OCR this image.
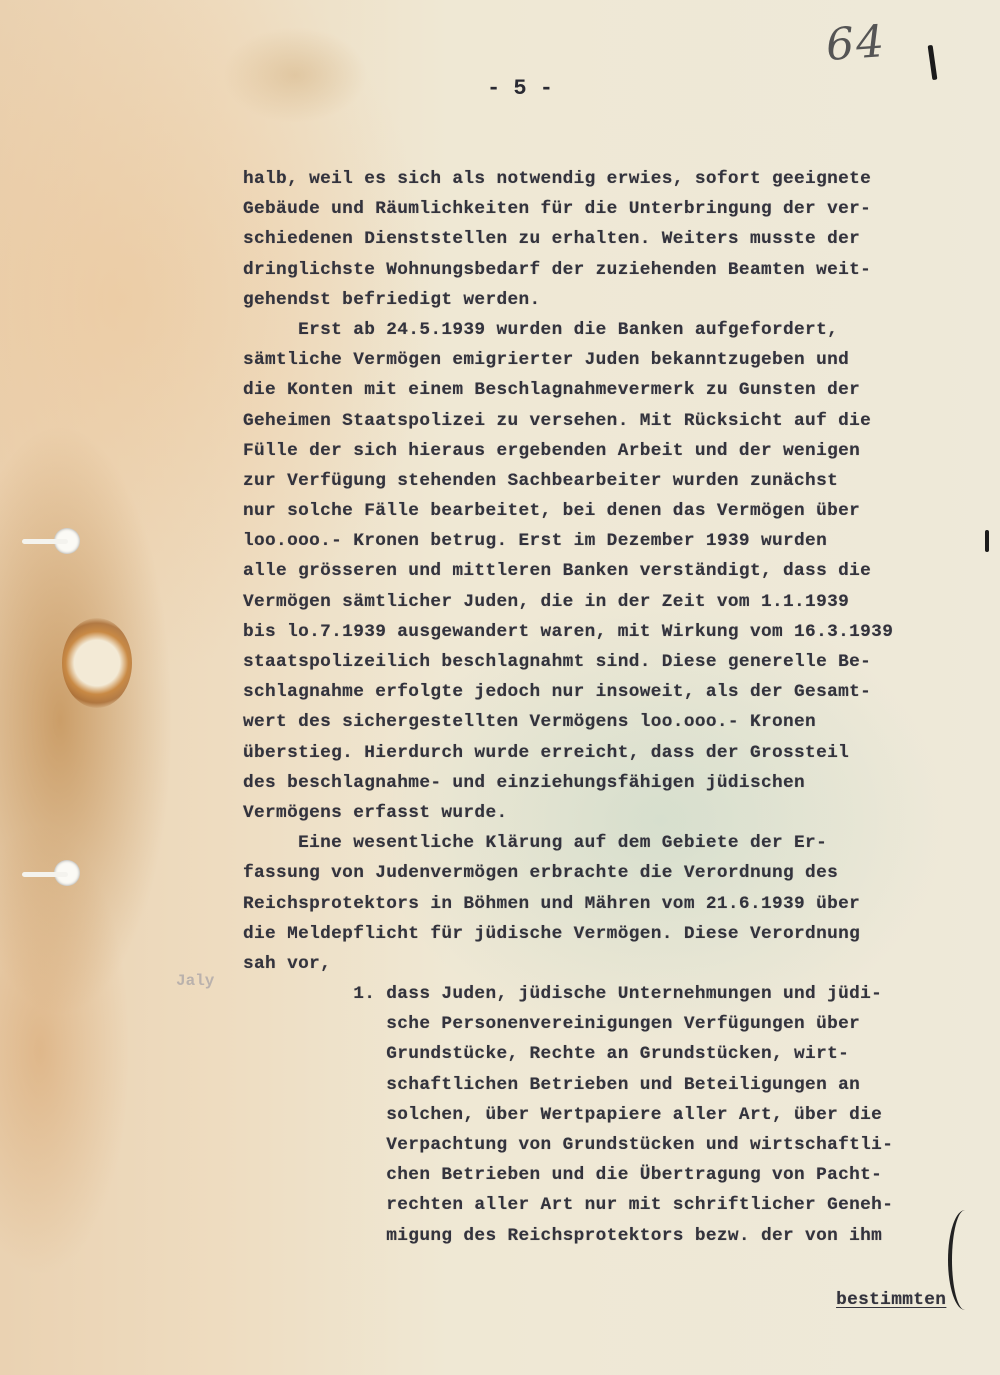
Jaly
64
- 5 -
halb, weil es sich als notwendig erwies, sofort geeignete
Gebäude und Räumlichkeiten für die Unterbringung der ver-
schiedenen Dienststellen zu erhalten. Weiters musste der
dringlichste Wohnungsbedarf der zuziehenden Beamten weit-
gehendst befriedigt werden.
Erst ab 24.5.1939 wurden die Banken aufgefordert,
sämtliche Vermögen emigrierter Juden bekanntzugeben und
die Konten mit einem Beschlagnahmevermerk zu Gunsten der
Geheimen Staatspolizei zu versehen. Mit Rücksicht auf die
Fülle der sich hieraus ergebenden Arbeit und der wenigen
zur Verfügung stehenden Sachbearbeiter wurden zunächst
nur solche Fälle bearbeitet, bei denen das Vermögen über
loo.ooo.- Kronen betrug. Erst im Dezember 1939 wurden
alle grösseren und mittleren Banken verständigt, dass die
Vermögen sämtlicher Juden, die in der Zeit vom 1.1.1939
bis lo.7.1939 ausgewandert waren, mit Wirkung vom 16.3.1939
staatspolizeilich beschlagnahmt sind. Diese generelle Be-
schlagnahme erfolgte jedoch nur insoweit, als der Gesamt-
wert des sichergestellten Vermögens loo.ooo.- Kronen
überstieg. Hierdurch wurde erreicht, dass der Grossteil
des beschlagnahme- und einziehungsfähigen jüdischen
Vermögens erfasst wurde.
Eine wesentliche Klärung auf dem Gebiete der Er-
fassung von Judenvermögen erbrachte die Verordnung des
Reichsprotektors in Böhmen und Mähren vom 21.6.1939 über
die Meldepflicht für jüdische Vermögen. Diese Verordnung
sah vor,
1. dass Juden, jüdische Unternehmungen und jüdi-
sche Personenvereinigungen Verfügungen über
Grundstücke, Rechte an Grundstücken, wirt-
schaftlichen Betrieben und Beteiligungen an
solchen, über Wertpapiere aller Art, über die
Verpachtung von Grundstücken und wirtschaftli-
chen Betrieben und die Übertragung von Pacht-
rechten aller Art nur mit schriftlicher Geneh-
migung des Reichsprotektors bezw. der von ihm

bestimmten
